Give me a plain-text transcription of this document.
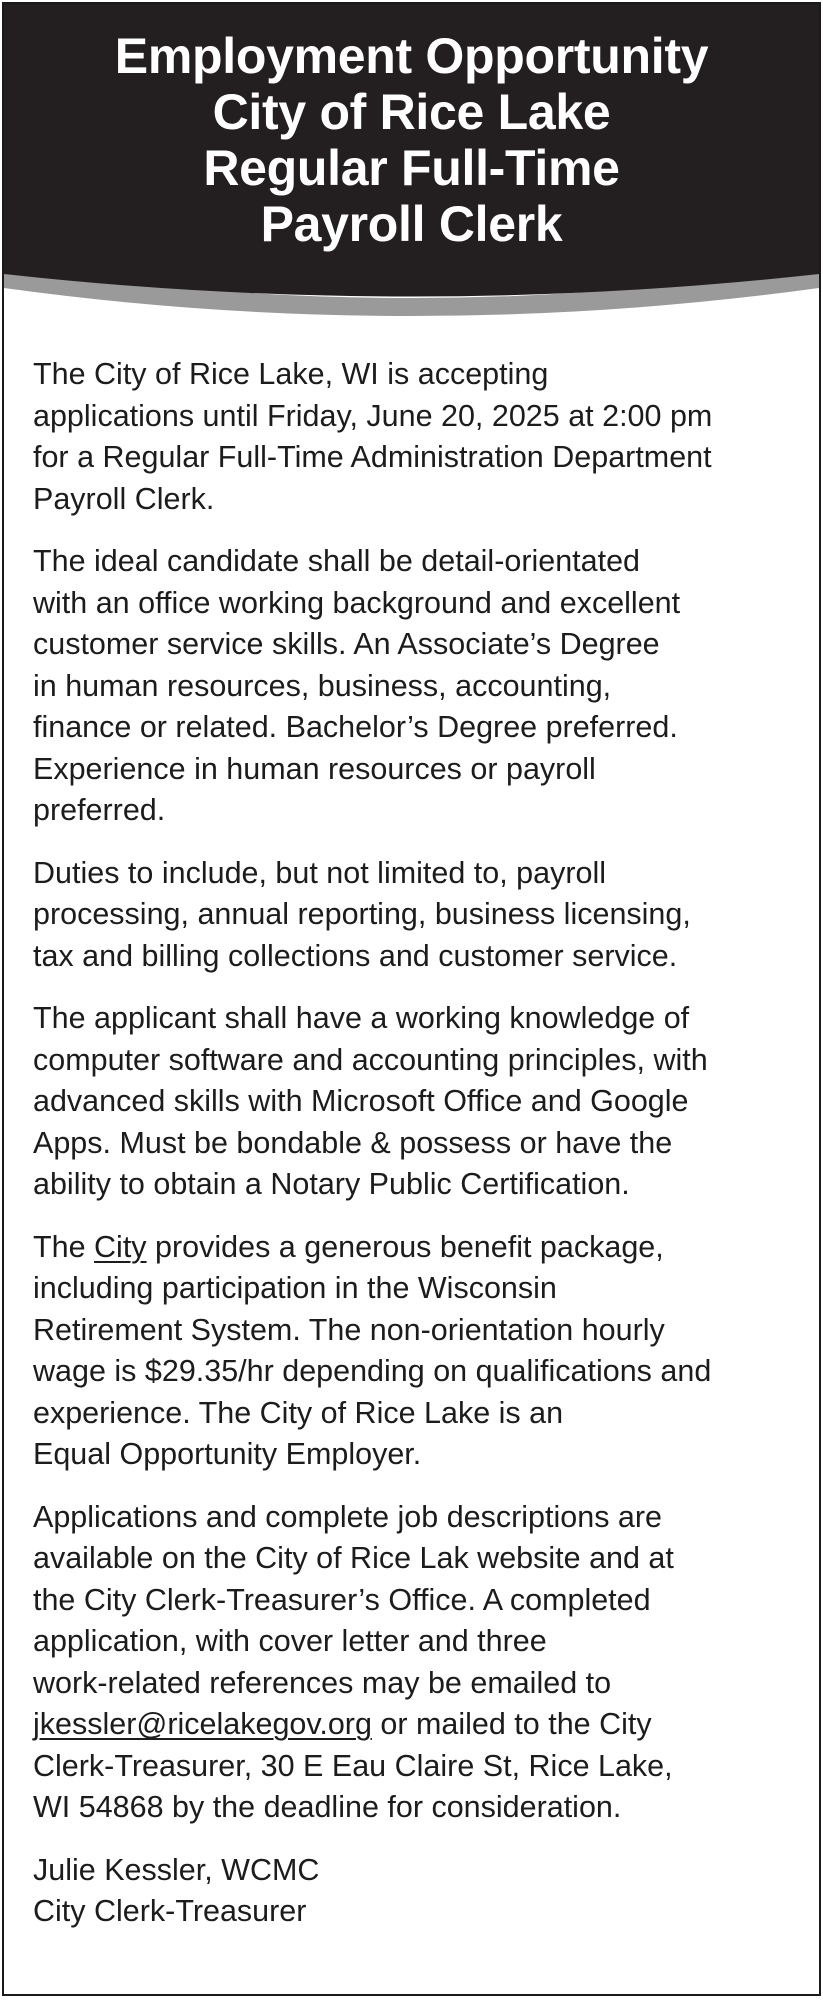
Employment Opportunity
City of Rice Lake
Regular Full-Time
Payroll Clerk
The City of Rice Lake, WI is accepting
applications until Friday, June 20, 2025 at 2:00 pm
for a Regular Full-Time Administration Department
Payroll Clerk.
The ideal candidate shall be detail-orientated
with an office working background and excellent
customer service skills. An Associate’s Degree
in human resources, business, accounting,
finance or related. Bachelor’s Degree preferred.
Experience in human resources or payroll
preferred.
Duties to include, but not limited to, payroll
processing, annual reporting, business licensing,
tax and billing collections and customer service.
The applicant shall have a working knowledge of
computer software and accounting principles, with
advanced skills with Microsoft Office and Google
Apps. Must be bondable & possess or have the
ability to obtain a Notary Public Certification.
The City provides a generous benefit package,
including participation in the Wisconsin
Retirement System. The non-orientation hourly
wage is $29.35/hr depending on qualifications and
experience. The City of Rice Lake is an
Equal Opportunity Employer.
Applications and complete job descriptions are
available on the City of Rice Lak website and at
the City Clerk-Treasurer’s Office. A completed
application, with cover letter and three
work-related references may be emailed to
jkessler@ricelakegov.org or mailed to the City
Clerk-Treasurer, 30 E Eau Claire St, Rice Lake,
WI 54868 by the deadline for consideration.
Julie Kessler, WCMC
City Clerk-Treasurer
